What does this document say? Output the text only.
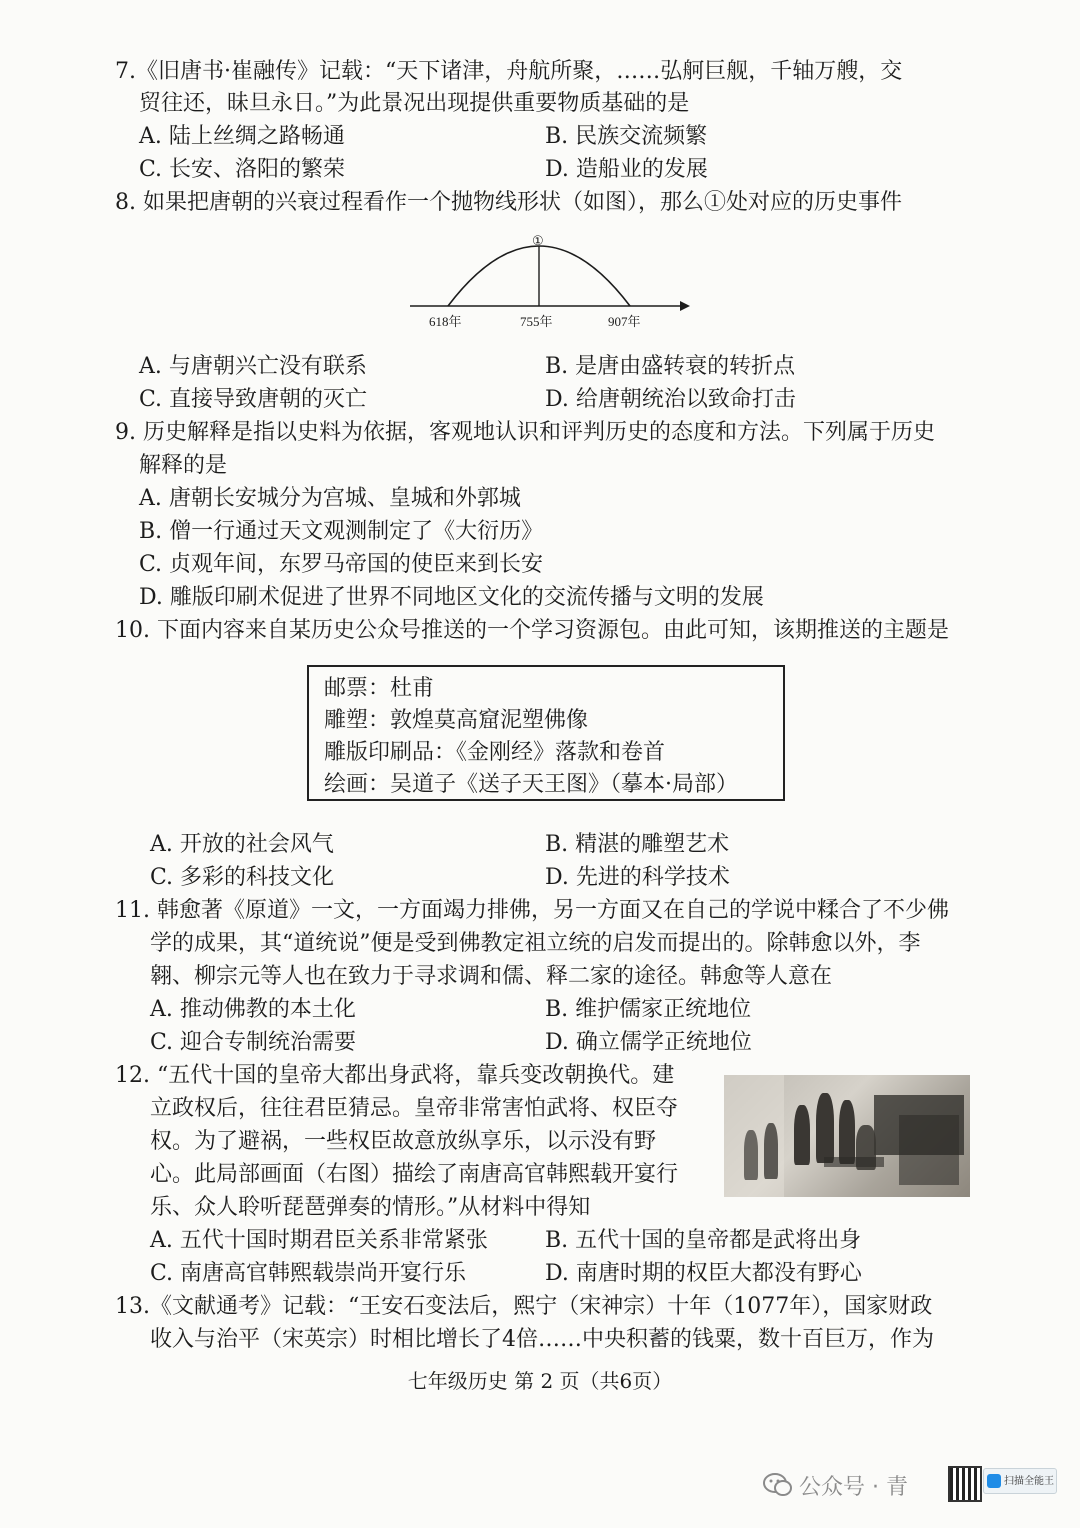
7.《旧唐书·崔融传》记载：“天下诸津，舟航所聚，……弘舸巨舰，千轴万艘，交
贸往还，昧旦永日。”为此景况出现提供重要物质基础的是
A. 陆上丝绸之路畅通	B. 民族交流频繁
C. 长安、洛阳的繁荣	D. 造船业的发展
8. 如果把唐朝的兴衰过程看作一个抛物线形状（如图），那么①处对应的历史事件
①
618年	755年	907年
A. 与唐朝兴亡没有联系	B. 是唐由盛转衰的转折点
C. 直接导致唐朝的灭亡	D. 给唐朝统治以致命打击
9. 历史解释是指以史料为依据，客观地认识和评判历史的态度和方法。下列属于历史
解释的是
A. 唐朝长安城分为宫城、皇城和外郭城
B. 僧一行通过天文观测制定了《大衍历》
C. 贞观年间，东罗马帝国的使臣来到长安
D. 雕版印刷术促进了世界不同地区文化的交流传播与文明的发展
10. 下面内容来自某历史公众号推送的一个学习资源包。由此可知，该期推送的主题是
邮票：杜甫
雕塑：敦煌莫高窟泥塑佛像
雕版印刷品：《金刚经》落款和卷首
绘画：吴道子《送子天王图》（摹本·局部）
A. 开放的社会风气	B. 精湛的雕塑艺术
C. 多彩的科技文化	D. 先进的科学技术
11. 韩愈著《原道》一文，一方面竭力排佛，另一方面又在自己的学说中糅合了不少佛
学的成果，其“道统说”便是受到佛教定祖立统的启发而提出的。除韩愈以外，李
翱、柳宗元等人也在致力于寻求调和儒、释二家的途径。韩愈等人意在
A. 推动佛教的本土化	B. 维护儒家正统地位
C. 迎合专制统治需要	D. 确立儒学正统地位
12. “五代十国的皇帝大都出身武将，靠兵变改朝换代。建
立政权后，往往君臣猜忌。皇帝非常害怕武将、权臣夺
权。为了避祸，一些权臣故意放纵享乐，以示没有野
心。此局部画面（右图）描绘了南唐高官韩熙载开宴行
乐、众人聆听琵琶弹奏的情形。”从材料中得知
A. 五代十国时期君臣关系非常紧张	B. 五代十国的皇帝都是武将出身
C. 南唐高官韩熙载崇尚开宴行乐	D. 南唐时期的权臣大都没有野心
13.《文献通考》记载：“王安石变法后，熙宁（宋神宗）十年（1077年），国家财政
收入与治平（宋英宗）时相比增长了4倍……中央积蓄的钱粟，数十百巨万，作为
七年级历史 第 2 页（共6页）
公众号 · 青	扫描全能王
